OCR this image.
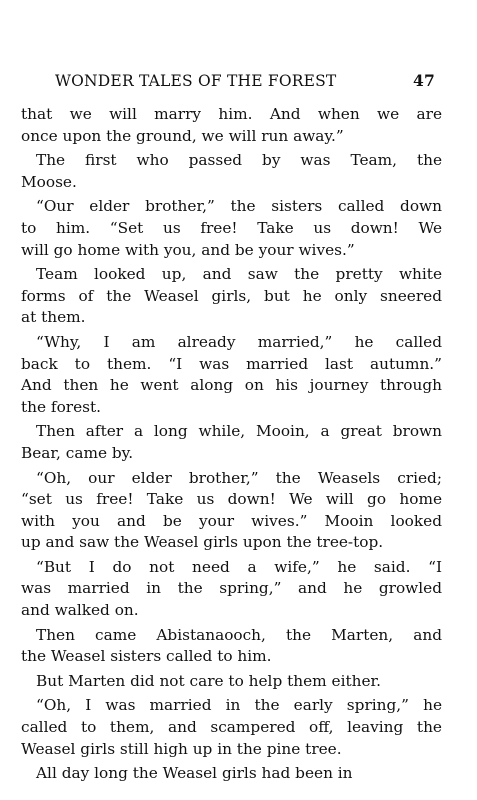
WONDER TALES OF THE FOREST	47
that we will marry him. And when we are
once upon the ground, we will run away.”
The first who passed by was Team, the
Moose.
“Our elder brother,” the sisters called down
to him. “Set us free! Take us down! We
will go home with you, and be your wives.”
Team looked up, and saw the pretty white
forms of the Weasel girls, but he only sneered
at them.
“Why, I am already married,” he called
back to them. “I was married last autumn.”
And then he went along on his journey through
the forest.
Then after a long while, Mooin, a great brown
Bear, came by.
“Oh, our elder brother,” the Weasels cried;
“set us free! Take us down! We will go home
with you and be your wives.” Mooin looked
up and saw the Weasel girls upon the tree-top.
“But I do not need a wife,” he said. “I
was married in the spring,” and he growled
and walked on.
Then came Abistanaooch, the Marten, and
the Weasel sisters called to him.
But Marten did not care to help them either.
“Oh, I was married in the early spring,” he
called to them, and scampered off, leaving the
Weasel girls still high up in the pine tree.
All day long the Weasel girls had been in
